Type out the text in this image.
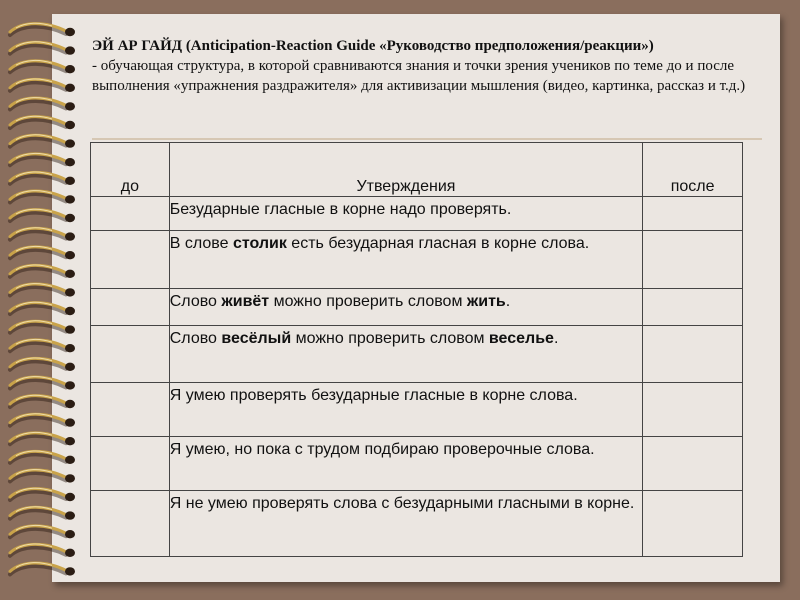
ЭЙ АР ГАЙД (Anticipation-Reaction Guide «Руководство предположения/реакции»)
- обучающая структура, в которой сравниваются знания и точки зрения учеников по теме до и после выполнения «упражнения раздражителя» для активизации мышления (видео, картинка, рассказ и т.д.)
до	Утверждения	после
	Безударные гласные в корне надо проверять.	
	В слове столик есть безударная гласная в корне слова.	
	Слово живёт можно проверить словом жить.	
	Слово весёлый можно проверить словом веселье.	
	Я умею проверять безударные гласные в корне слова.	
	Я умею, но пока с трудом подбираю проверочные слова.	
	Я не умею проверять слова с безударными гласными в корне.	
